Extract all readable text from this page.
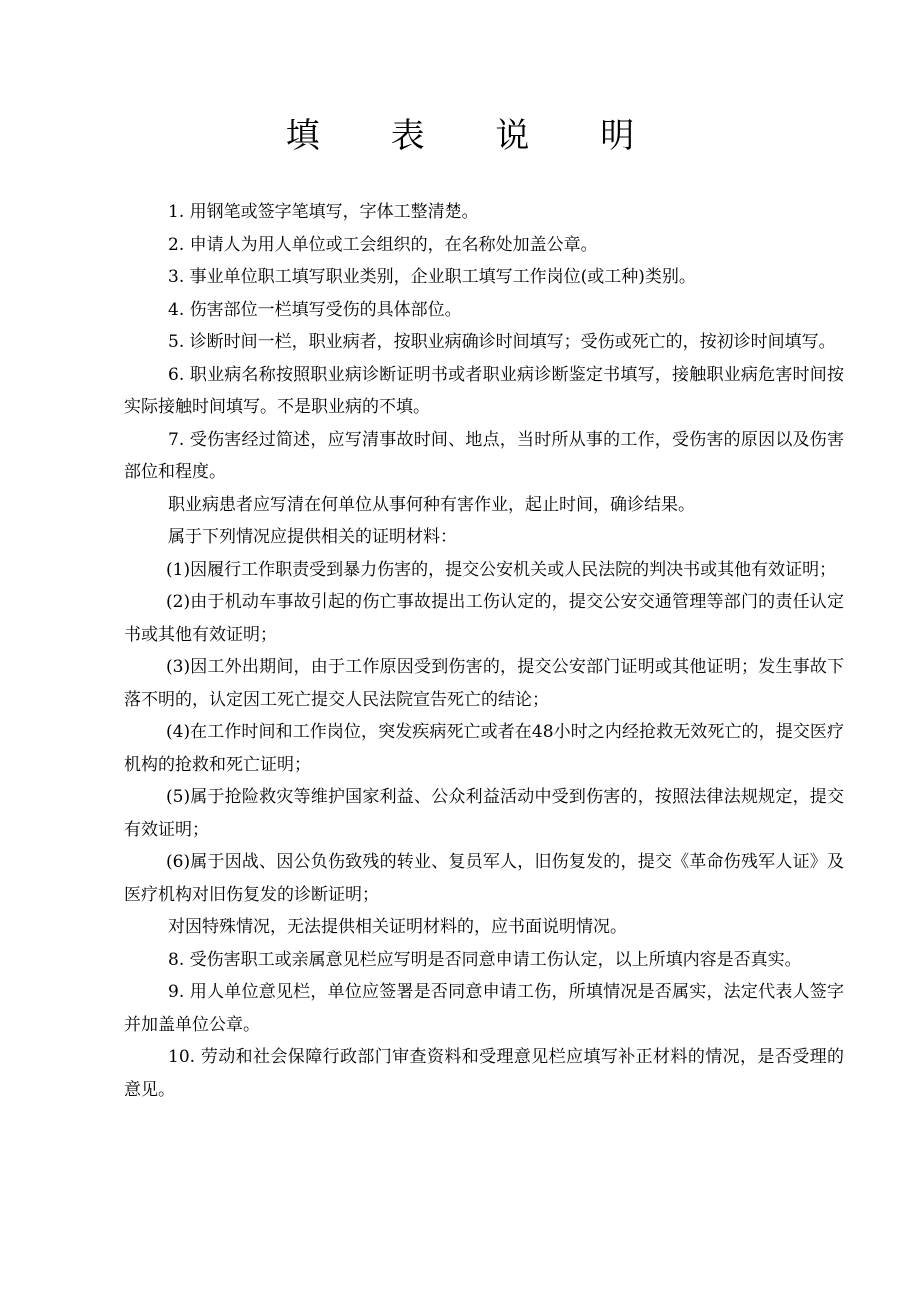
填 表 说 明

1. 用钢笔或签字笔填写，字体工整清楚。

2. 申请人为用人单位或工会组织的，在名称处加盖公章。

3. 事业单位职工填写职业类别，企业职工填写工作岗位(或工种)类别。

4. 伤害部位一栏填写受伤的具体部位。

5. 诊断时间一栏，职业病者，按职业病确诊时间填写；受伤或死亡的，按初诊时间填写。

6. 职业病名称按照职业病诊断证明书或者职业病诊断鉴定书填写，接触职业病危害时间按实际接触时间填写。不是职业病的不填。

7. 受伤害经过简述，应写清事故时间、地点，当时所从事的工作，受伤害的原因以及伤害部位和程度。

职业病患者应写清在何单位从事何种有害作业，起止时间，确诊结果。

属于下列情况应提供相关的证明材料：

(1)因履行工作职责受到暴力伤害的，提交公安机关或人民法院的判决书或其他有效证明；

(2)由于机动车事故引起的伤亡事故提出工伤认定的，提交公安交通管理等部门的责任认定书或其他有效证明；

(3)因工外出期间，由于工作原因受到伤害的，提交公安部门证明或其他证明；发生事故下落不明的，认定因工死亡提交人民法院宣告死亡的结论；

(4)在工作时间和工作岗位，突发疾病死亡或者在48小时之内经抢救无效死亡的，提交医疗机构的抢救和死亡证明；

(5)属于抢险救灾等维护国家利益、公众利益活动中受到伤害的，按照法律法规规定，提交有效证明；

(6)属于因战、因公负伤致残的转业、复员军人，旧伤复发的，提交《革命伤残军人证》及医疗机构对旧伤复发的诊断证明；

对因特殊情况，无法提供相关证明材料的，应书面说明情况。

8. 受伤害职工或亲属意见栏应写明是否同意申请工伤认定，以上所填内容是否真实。

9. 用人单位意见栏，单位应签署是否同意申请工伤，所填情况是否属实，法定代表人签字并加盖单位公章。

10. 劳动和社会保障行政部门审查资料和受理意见栏应填写补正材料的情况，是否受理的意见。
